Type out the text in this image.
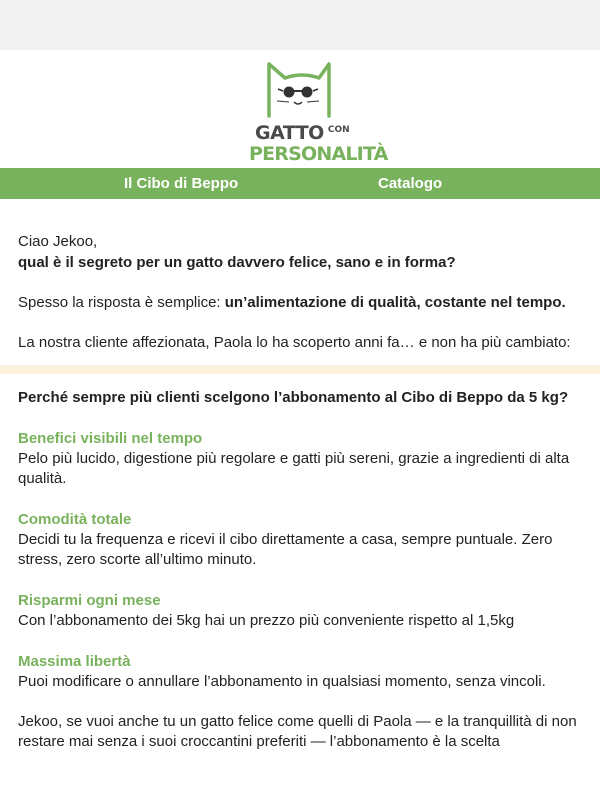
GATTO $^{CON}$
PERSONALITÀ
Il Cibo di Beppo	Catalogo

Ciao Jekoo,

qual è il segreto per un gatto davvero felice, sano e in forma?

Spesso la risposta è semplice: un’alimentazione di qualità, costante nel tempo.

La nostra cliente affezionata, Paola lo ha scoperto anni fa… e non ha più cambiato:

Perché sempre più clienti scelgono l’abbonamento al Cibo di Beppo da 5 kg?

Benefici visibili nel tempo

Pelo più lucido, digestione più regolare e gatti più sereni, grazie a ingredienti di alta qualità.

Comodità totale

Decidi tu la frequenza e ricevi il cibo direttamente a casa, sempre puntuale. Zero stress, zero scorte all’ultimo minuto.

Risparmi ogni mese

Con l’abbonamento dei 5kg hai un prezzo più conveniente rispetto al 1,5kg

Massima libertà

Puoi modificare o annullare l’abbonamento in qualsiasi momento, senza vincoli.

Jekoo, se vuoi anche tu un gatto felice come quelli di Paola — e la tranquillità di non restare mai senza i suoi croccantini preferiti — l’abbonamento è la scelta
